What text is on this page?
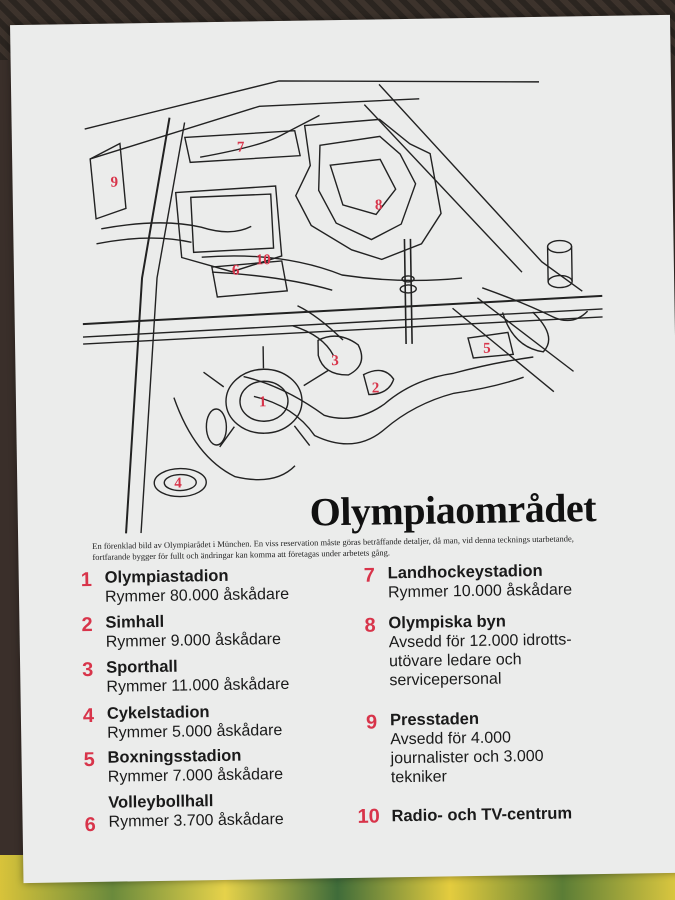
7
9
8
10
6
3
5
1
2
4
Olympiaområdet
En förenklad bild av Olympiarådet i München. En viss reservation måste göras beträffande detaljer, då man, vid denna tecknings utarbetande, fortfarande bygger för fullt och ändringar kan komma att företagas under arbetets gång.
1 Olympiastadion
Rymmer 80.000 åskådare
2 Simhall
Rymmer 9.000 åskådare
3 Sporthall
Rymmer 11.000 åskådare
4 Cykelstadion
Rymmer 5.000 åskådare
5 Boxningsstadion
Rymmer 7.000 åskådare
6
Volleybollhall
Rymmer 3.700 åskådare
7 Landhockeystadion
Rymmer 10.000 åskådare
8 Olympiska byn
Avsedd för 12.000 idrotts-
utövare ledare och
servicepersonal
9 Presstaden
Avsedd för 4.000
journalister och 3.000
tekniker
10 Radio- och TV-centrum
